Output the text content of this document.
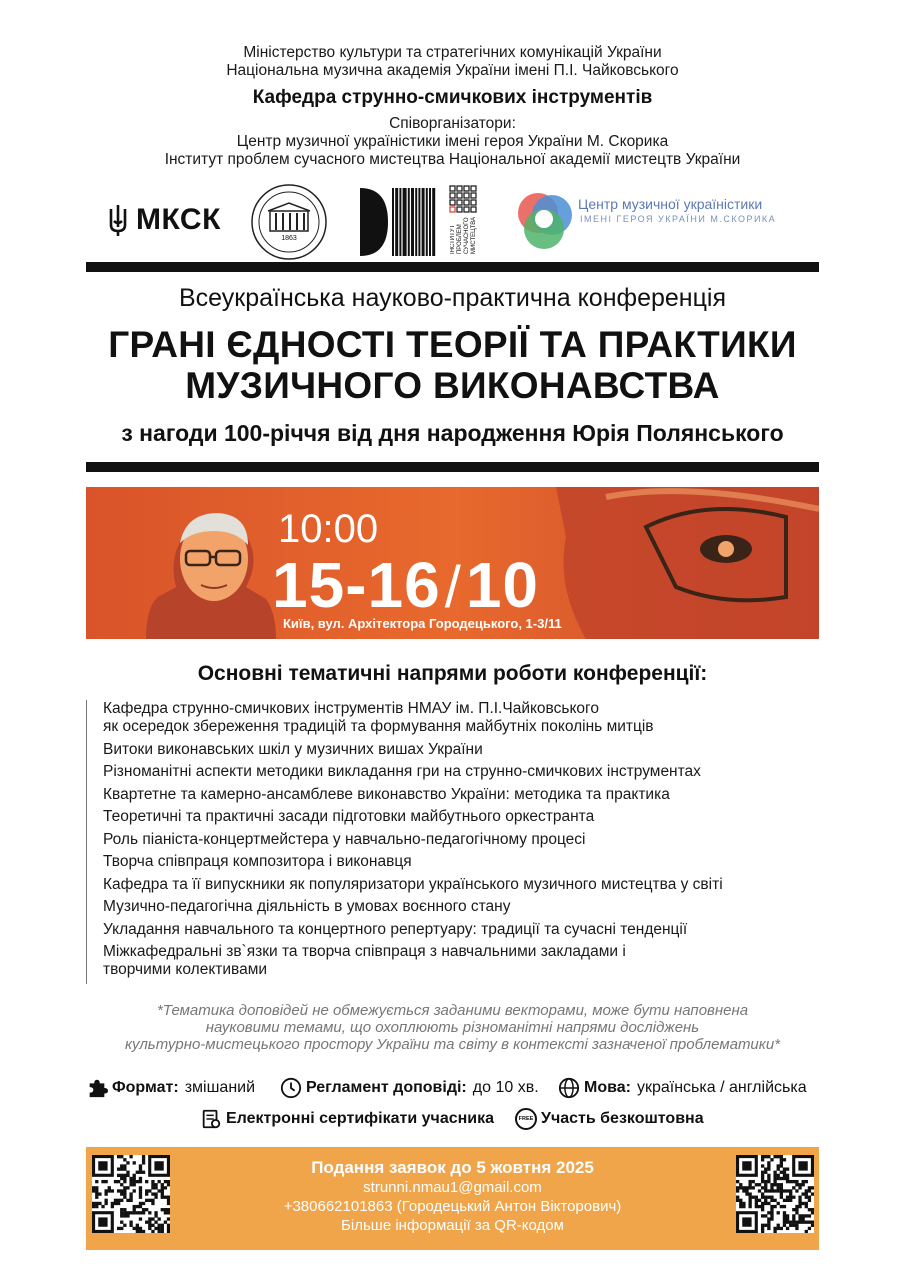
Міністерство культури та стратегічних комунікацій України
Національна музична академія України імені П.І. Чайковського
Кафедра струнно-смичкових інструментів
Співорганізатори:
Центр музичної україністики імені героя України М. Скорика
Інститут проблем сучасного мистецтва Національної академії мистецтв України
МКСК
1863	ІНСТИТУТ ПРОБЛЕМ СУЧАСНОГО МИСТЕЦТВА
Центр музичної україністики
ІМЕНІ ГЕРОЯ УКРАЇНИ М.СКОРИКА
Всеукраїнська науково-практична конференція
ГРАНІ ЄДНОСТІ ТЕОРІЇ ТА ПРАКТИКИ
МУЗИЧНОГО ВИКОНАВСТВА
з нагоди 100-річчя від дня народження Юрія Полянського
10:00
15-16/10
Київ, вул. Архітектора Городецького, 1-3/11
Основні тематичні напрями роботи конференції:
Кафедра струнно-смичкових інструментів НМАУ ім. П.І.Чайковського
як осередок збереження традицій та формування майбутніх поколінь митців
Витоки виконавських шкіл у музичних вишах України
Різноманітні аспекти методики викладання гри на струнно-смичкових інструментах
Квартетне та камерно-ансамблеве виконавство України: методика та практика
Теоретичні та практичні засади підготовки майбутнього оркестранта
Роль піаніста-концертмейстера у навчально-педагогічному процесі
Творча співпраця композитора і виконавця
Кафедра та її випускники як популяризатори українського музичного мистецтва у світі
Музично-педагогічна діяльність в умовах воєнного стану
Укладання навчального та концертного репертуару: традиції та сучасні тенденції
Міжкафедральні зв`язки та творча співпраця з навчальними закладами і
творчими колективами
*Тематика доповідей не обмежується заданими векторами, може бути наповнена
науковими темами, що охоплюють різноманітні напрями досліджень
культурно-мистецького простору України та світу в контексті зазначеної проблематики*
Формат: змішаний	Регламент доповіді: до 10 хв.	Мова: українська / англійська
Електронні сертифікати учасника	FREE Участь безкоштовна
Подання заявок до 5 жовтня 2025
strunni.nmau1@gmail.com
+380662101863 (Городецький Антон Вікторович)
Більше інформації за QR-кодом
